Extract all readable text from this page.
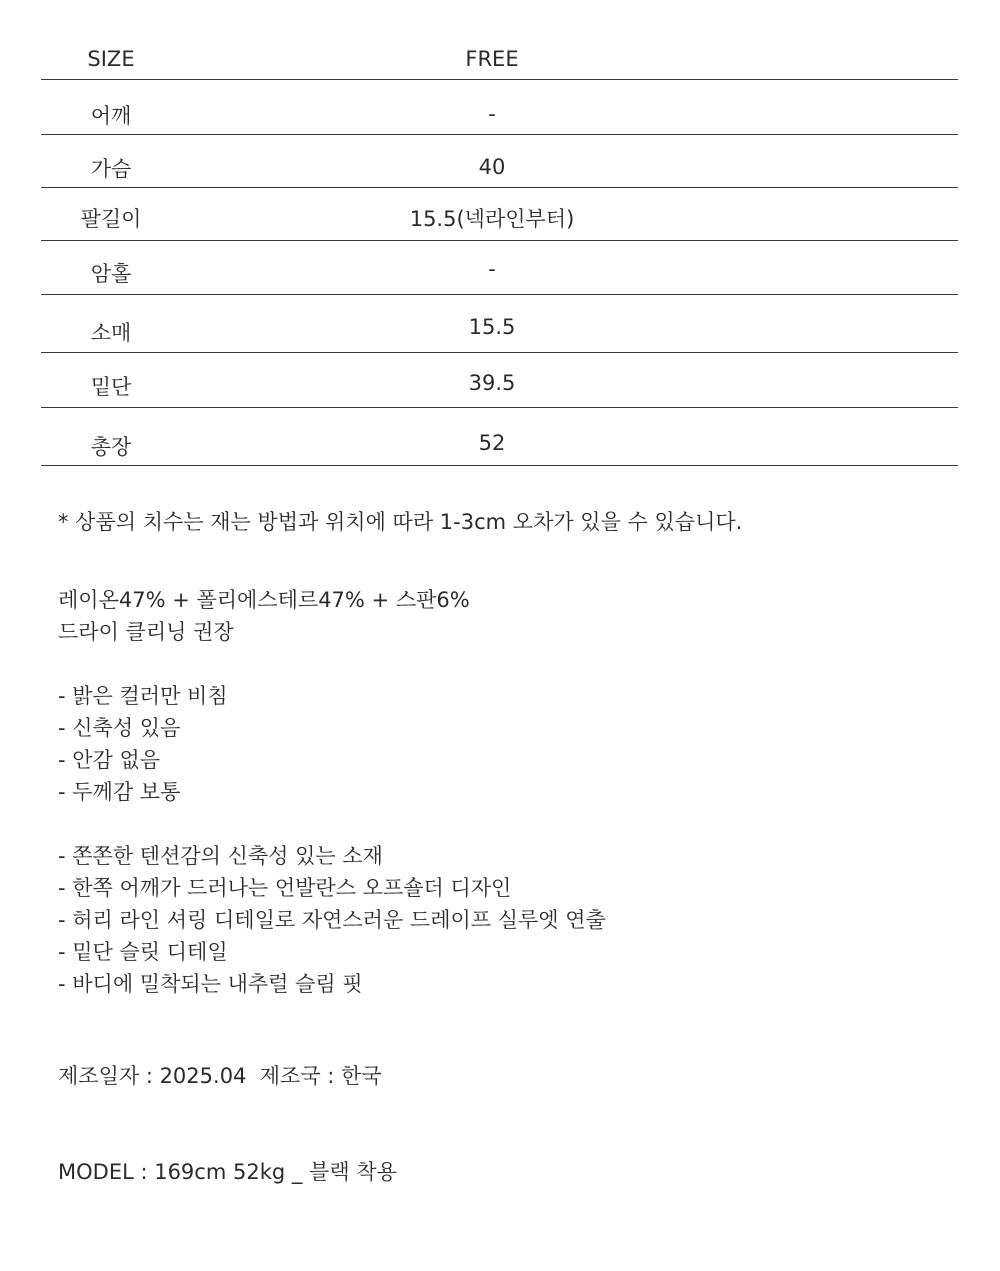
SIZE	FREE
어깨	-
가슴	40
팔길이	15.5(넥라인부터)
암홀	-
소매	15.5
밑단	39.5
총장	52
* 상품의 치수는 재는 방법과 위치에 따라 1-3cm 오차가 있을 수 있습니다.
레이온47% + 폴리에스테르47% + 스판6%
드라이 클리닝 권장
- 밝은 컬러만 비침
- 신축성 있음
- 안감 없음
- 두께감 보통
- 쫀쫀한 텐션감의 신축성 있는 소재
- 한쪽 어깨가 드러나는 언발란스 오프숄더 디자인
- 허리 라인 셔링 디테일로 자연스러운 드레이프 실루엣 연출
- 밑단 슬릿 디테일
- 바디에 밀착되는 내추럴 슬림 핏
제조일자 : 2025.04  제조국 : 한국
MODEL : 169cm 52kg _ 블랙 착용
